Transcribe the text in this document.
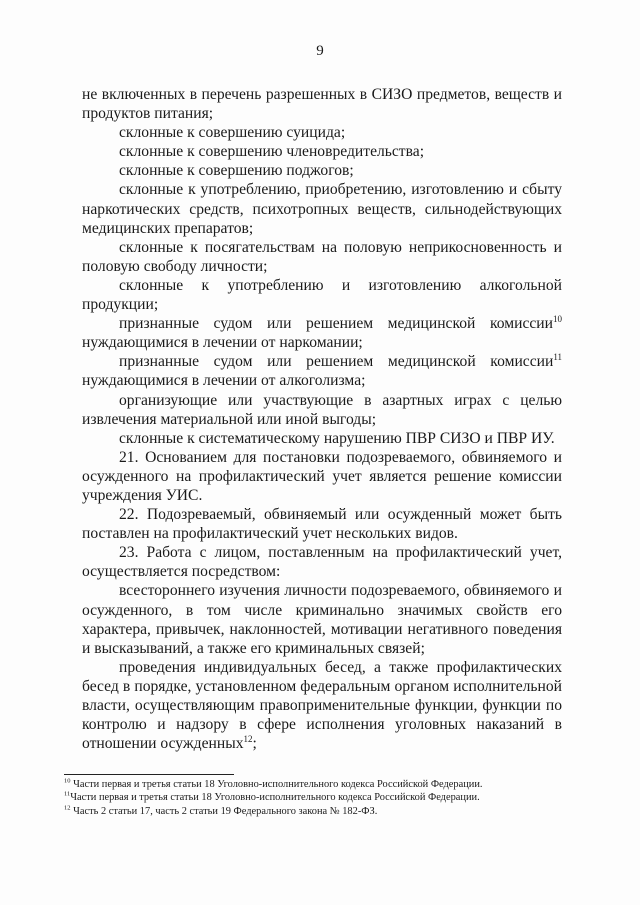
9

не включенных в перечень разрешенных в СИЗО предметов, веществ и продуктов питания;

склонные к совершению суицида;

склонные к совершению членовредительства;

склонные к совершению поджогов;

склонные к употреблению, приобретению, изготовлению и сбыту наркотических средств, психотропных веществ, сильнодействующих медицинских препаратов;

склонные к посягательствам на половую неприкосновенность и половую свободу личности;

склонные к употреблению и изготовлению алкогольной продукции;

признанные судом или решением медицинской комиссии$^{10}$ нуждающимися в лечении от наркомании;

признанные судом или решением медицинской комиссии$^{11}$ нуждающимися в лечении от алкоголизма;

организующие или участвующие в азартных играх с целью извлечения материальной или иной выгоды;

склонные к систематическому нарушению ПВР СИЗО и ПВР ИУ.

21. Основанием для постановки подозреваемого, обвиняемого и осужденного на профилактический учет является решение комиссии учреждения УИС.

22. Подозреваемый, обвиняемый или осужденный может быть поставлен на профилактический учет нескольких видов.

23. Работа с лицом, поставленным на профилактический учет, осуществляется посредством:

всестороннего изучения личности подозреваемого, обвиняемого и осужденного, в том числе криминально значимых свойств его характера, привычек, наклонностей, мотивации негативного поведения и высказываний, а также его криминальных связей;

проведения индивидуальных бесед, а также профилактических бесед в порядке, установленном федеральным органом исполнительной власти, осуществляющим правоприменительные функции, функции по контролю и надзору в сфере исполнения уголовных наказаний в отношении осужденных$^{12}$;

$^{10}$ Части первая и третья статьи 18 Уголовно-исполнительного кодекса Российской Федерации.
$^{11}$Части первая и третья статьи 18 Уголовно-исполнительного кодекса Российской Федерации.
$^{12}$ Часть 2 статьи 17, часть 2 статьи 19 Федерального закона № 182-ФЗ.
